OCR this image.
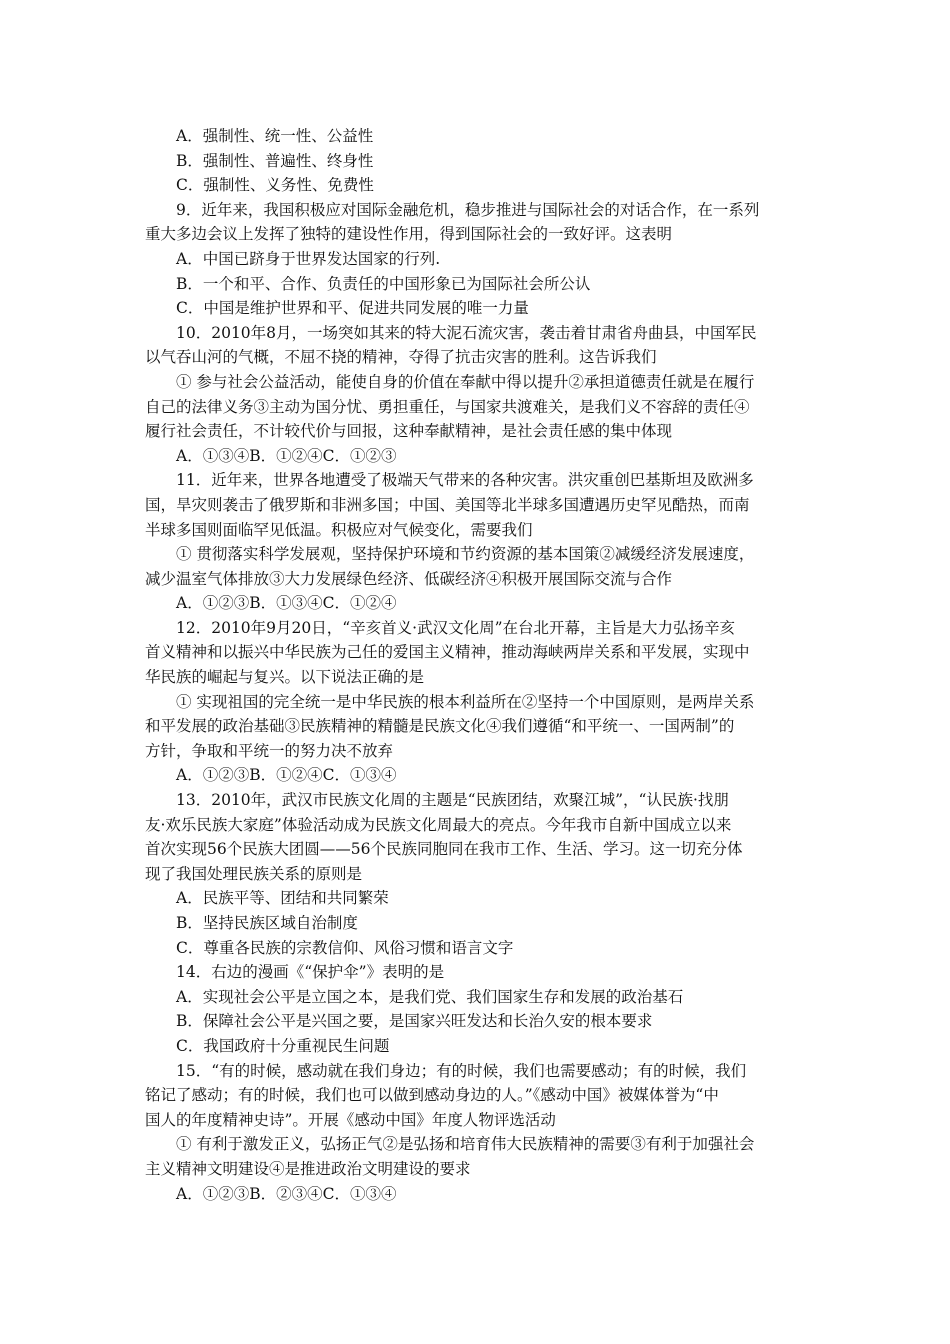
A．强制性、统一性、公益性
B．强制性、普遍性、终身性
C．强制性、义务性、免费性
9．近年来，我国积极应对国际金融危机，稳步推进与国际社会的对话合作，在一系列
重大多边会议上发挥了独特的建设性作用，得到国际社会的一致好评。这表明
A．中国已跻身于世界发达国家的行列.
B．一个和平、合作、负责任的中国形象已为国际社会所公认
C．中国是维护世界和平、促进共同发展的唯一力量
10．2010年8月，一场突如其来的特大泥石流灾害，袭击着甘肃省舟曲县，中国军民
以气吞山河的气概，不屈不挠的精神，夺得了抗击灾害的胜利。这告诉我们
① 参与社会公益活动，能使自身的价值在奉献中得以提升②承担道德责任就是在履行
自己的法律义务③主动为国分忧、勇担重任，与国家共渡难关，是我们义不容辞的责任④
履行社会责任，不计较代价与回报，这种奉献精神，是社会责任感的集中体现
A．①③④B．①②④C．①②③
11．近年来，世界各地遭受了极端天气带来的各种灾害。洪灾重创巴基斯坦及欧洲多
国，旱灾则袭击了俄罗斯和非洲多国；中国、美国等北半球多国遭遇历史罕见酷热，而南
半球多国则面临罕见低温。积极应对气候变化，需要我们
① 贯彻落实科学发展观，坚持保护环境和节约资源的基本国策②减缓经济发展速度，
减少温室气体排放③大力发展绿色经济、低碳经济④积极开展国际交流与合作
A．①②③B．①③④C．①②④
12．2010年9月20日，“辛亥首义·武汉文化周”在台北开幕，主旨是大力弘扬辛亥
首义精神和以振兴中华民族为己任的爱国主义精神，推动海峡两岸关系和平发展，实现中
华民族的崛起与复兴。以下说法正确的是
① 实现祖国的完全统一是中华民族的根本利益所在②坚持一个中国原则，是两岸关系
和平发展的政治基础③民族精神的精髓是民族文化④我们遵循“和平统一、一国两制”的
方针，争取和平统一的努力决不放弃
A．①②③B．①②④C．①③④
13．2010年，武汉市民族文化周的主题是“民族团结，欢聚江城”，“认民族·找朋
友·欢乐民族大家庭”体验活动成为民族文化周最大的亮点。今年我市自新中国成立以来
首次实现56个民族大团圆——56个民族同胞同在我市工作、生活、学习。这一切充分体
现了我国处理民族关系的原则是
A．民族平等、团结和共同繁荣
B．坚持民族区域自治制度
C．尊重各民族的宗教信仰、风俗习惯和语言文字
14．右边的漫画《“保护伞”》表明的是
A．实现社会公平是立国之本，是我们党、我们国家生存和发展的政治基石
B．保障社会公平是兴国之要，是国家兴旺发达和长治久安的根本要求
C．我国政府十分重视民生问题
15．“有的时候，感动就在我们身边；有的时候，我们也需要感动；有的时候，我们
铭记了感动；有的时候，我们也可以做到感动身边的人。”《感动中国》被媒体誉为“中
国人的年度精神史诗”。开展《感动中国》年度人物评选活动
① 有利于激发正义，弘扬正气②是弘扬和培育伟大民族精神的需要③有利于加强社会
主义精神文明建设④是推进政治文明建设的要求
A．①②③B．②③④C．①③④
